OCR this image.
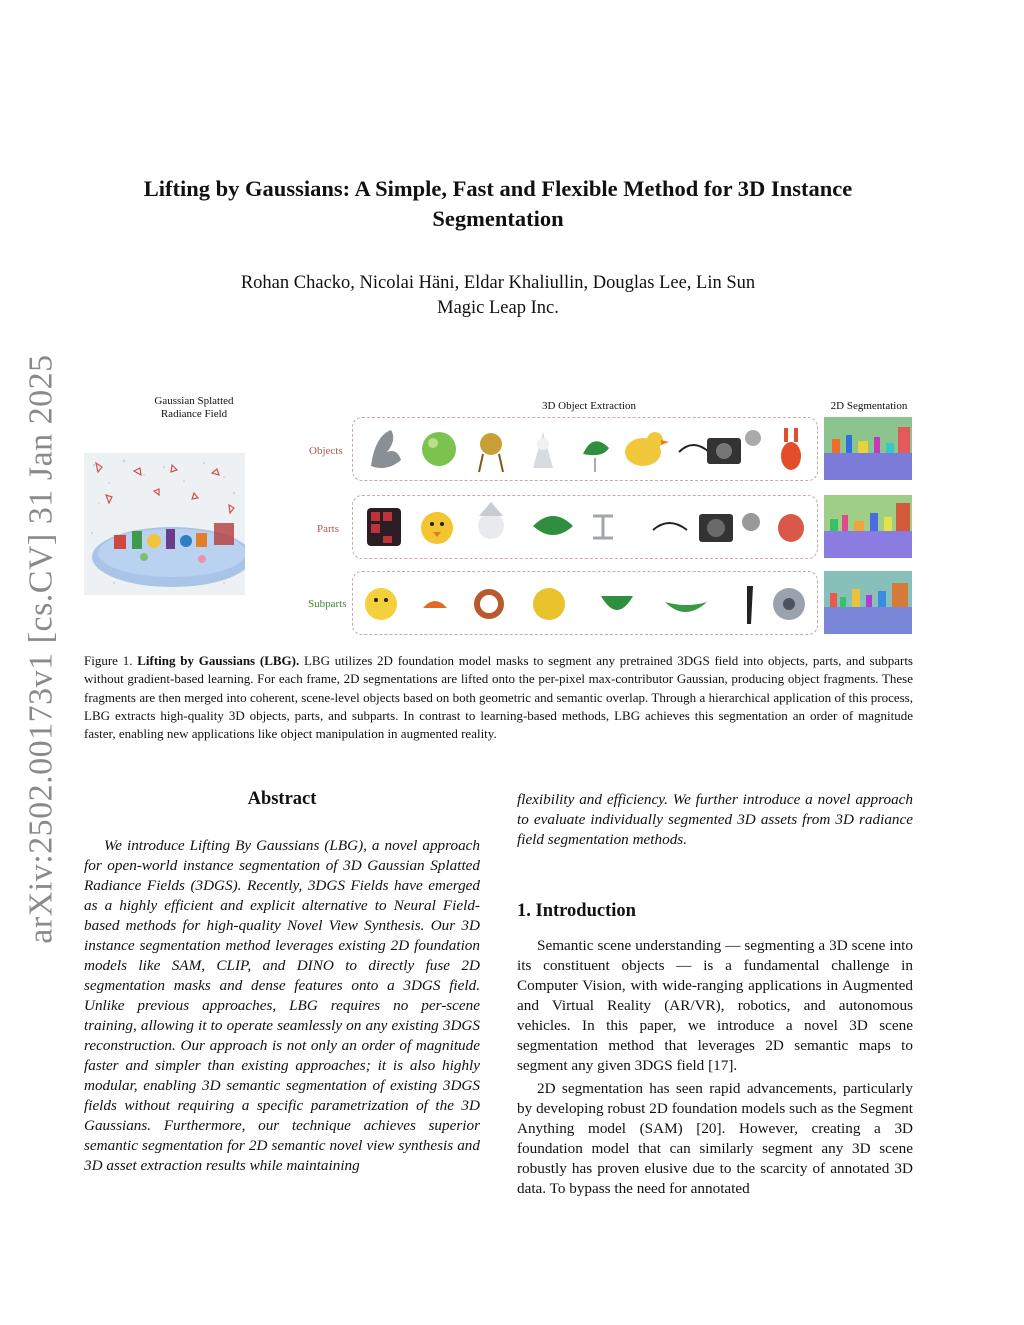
arXiv:2502.00173v1 [cs.CV] 31 Jan 2025
Lifting by Gaussians: A Simple, Fast and Flexible Method for 3D Instance Segmentation
Rohan Chacko, Nicolai Häni, Eldar Khaliullin, Douglas Lee, Lin Sun
Magic Leap Inc.
Gaussian Splatted
Radiance Field
3D Object Extraction	2D Segmentation
Objects
Parts
Subparts
Figure 1. Lifting by Gaussians (LBG). LBG utilizes 2D foundation model masks to segment any pretrained 3DGS field into objects, parts, and subparts without gradient-based learning. For each frame, 2D segmentations are lifted onto the per-pixel max-contributor Gaussian, producing object fragments. These fragments are then merged into coherent, scene-level objects based on both geometric and semantic overlap. Through a hierarchical application of this process, LBG extracts high-quality 3D objects, parts, and subparts. In contrast to learning-based methods, LBG achieves this segmentation an order of magnitude faster, enabling new applications like object manipulation in augmented reality.
Abstract

We introduce Lifting By Gaussians (LBG), a novel approach for open-world instance segmentation of 3D Gaussian Splatted Radiance Fields (3DGS). Recently, 3DGS Fields have emerged as a highly efficient and explicit alternative to Neural Field-based methods for high-quality Novel View Synthesis. Our 3D instance segmentation method leverages existing 2D foundation models like SAM, CLIP, and DINO to directly fuse 2D segmentation masks and dense features onto a 3DGS field. Unlike previous approaches, LBG requires no per-scene training, allowing it to operate seamlessly on any existing 3DGS reconstruction. Our approach is not only an order of magnitude faster and simpler than existing approaches; it is also highly modular, enabling 3D semantic segmentation of existing 3DGS fields without requiring a specific parametrization of the 3D Gaussians. Furthermore, our technique achieves superior semantic segmentation for 2D semantic novel view synthesis and 3D asset extraction results while maintaining

flexibility and efficiency. We further introduce a novel approach to evaluate individually segmented 3D assets from 3D radiance field segmentation methods.

1. Introduction

Semantic scene understanding — segmenting a 3D scene into its constituent objects — is a fundamental challenge in Computer Vision, with wide-ranging applications in Augmented and Virtual Reality (AR/VR), robotics, and autonomous vehicles. In this paper, we introduce a novel 3D scene segmentation method that leverages 2D semantic maps to segment any given 3DGS field [17].

2D segmentation has seen rapid advancements, particularly by developing robust 2D foundation models such as the Segment Anything model (SAM) [20]. However, creating a 3D foundation model that can similarly segment any 3D scene robustly has proven elusive due to the scarcity of annotated 3D data. To bypass the need for annotated
